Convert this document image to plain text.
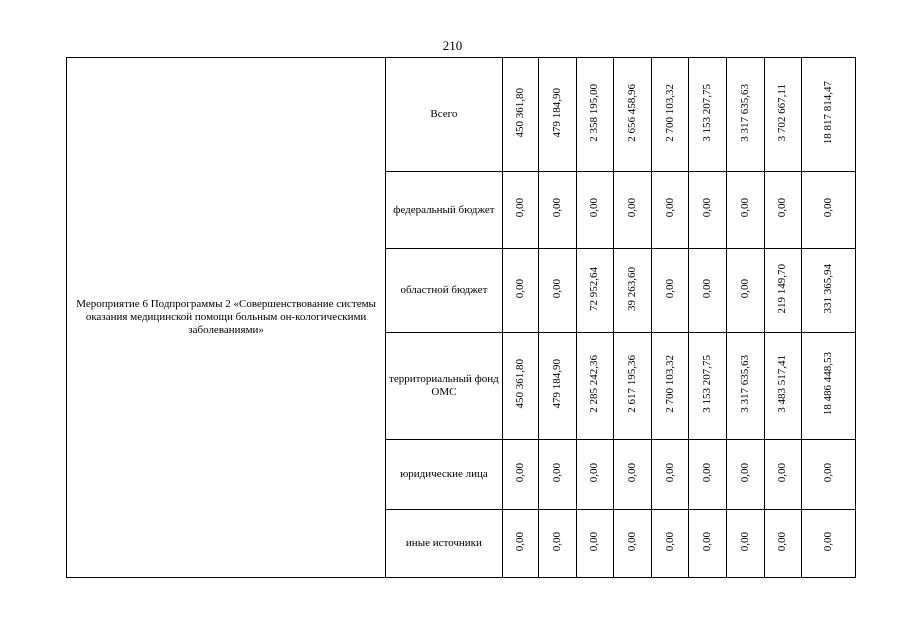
210
Мероприятие 6 Подпрограммы 2 «Совершенствование системы оказания медицинской помощи больным он-кологическими заболеваниями»	Всего	450 361,80	479 184,90	2 358 195,00	2 656 458,96	2 700 103,32	3 153 207,75	3 317 635,63	3 702 667,11	18 817 814,47
	федеральный бюджет	0,00	0,00	0,00	0,00	0,00	0,00	0,00	0,00	0,00
	областной бюджет	0,00	0,00	72 952,64	39 263,60	0,00	0,00	0,00	219 149,70	331 365,94
	территориальный фонд ОМС	450 361,80	479 184,90	2 285 242,36	2 617 195,36	2 700 103,32	3 153 207,75	3 317 635,63	3 483 517,41	18 486 448,53
	юридические лица	0,00	0,00	0,00	0,00	0,00	0,00	0,00	0,00	0,00
	иные источники	0,00	0,00	0,00	0,00	0,00	0,00	0,00	0,00	0,00
